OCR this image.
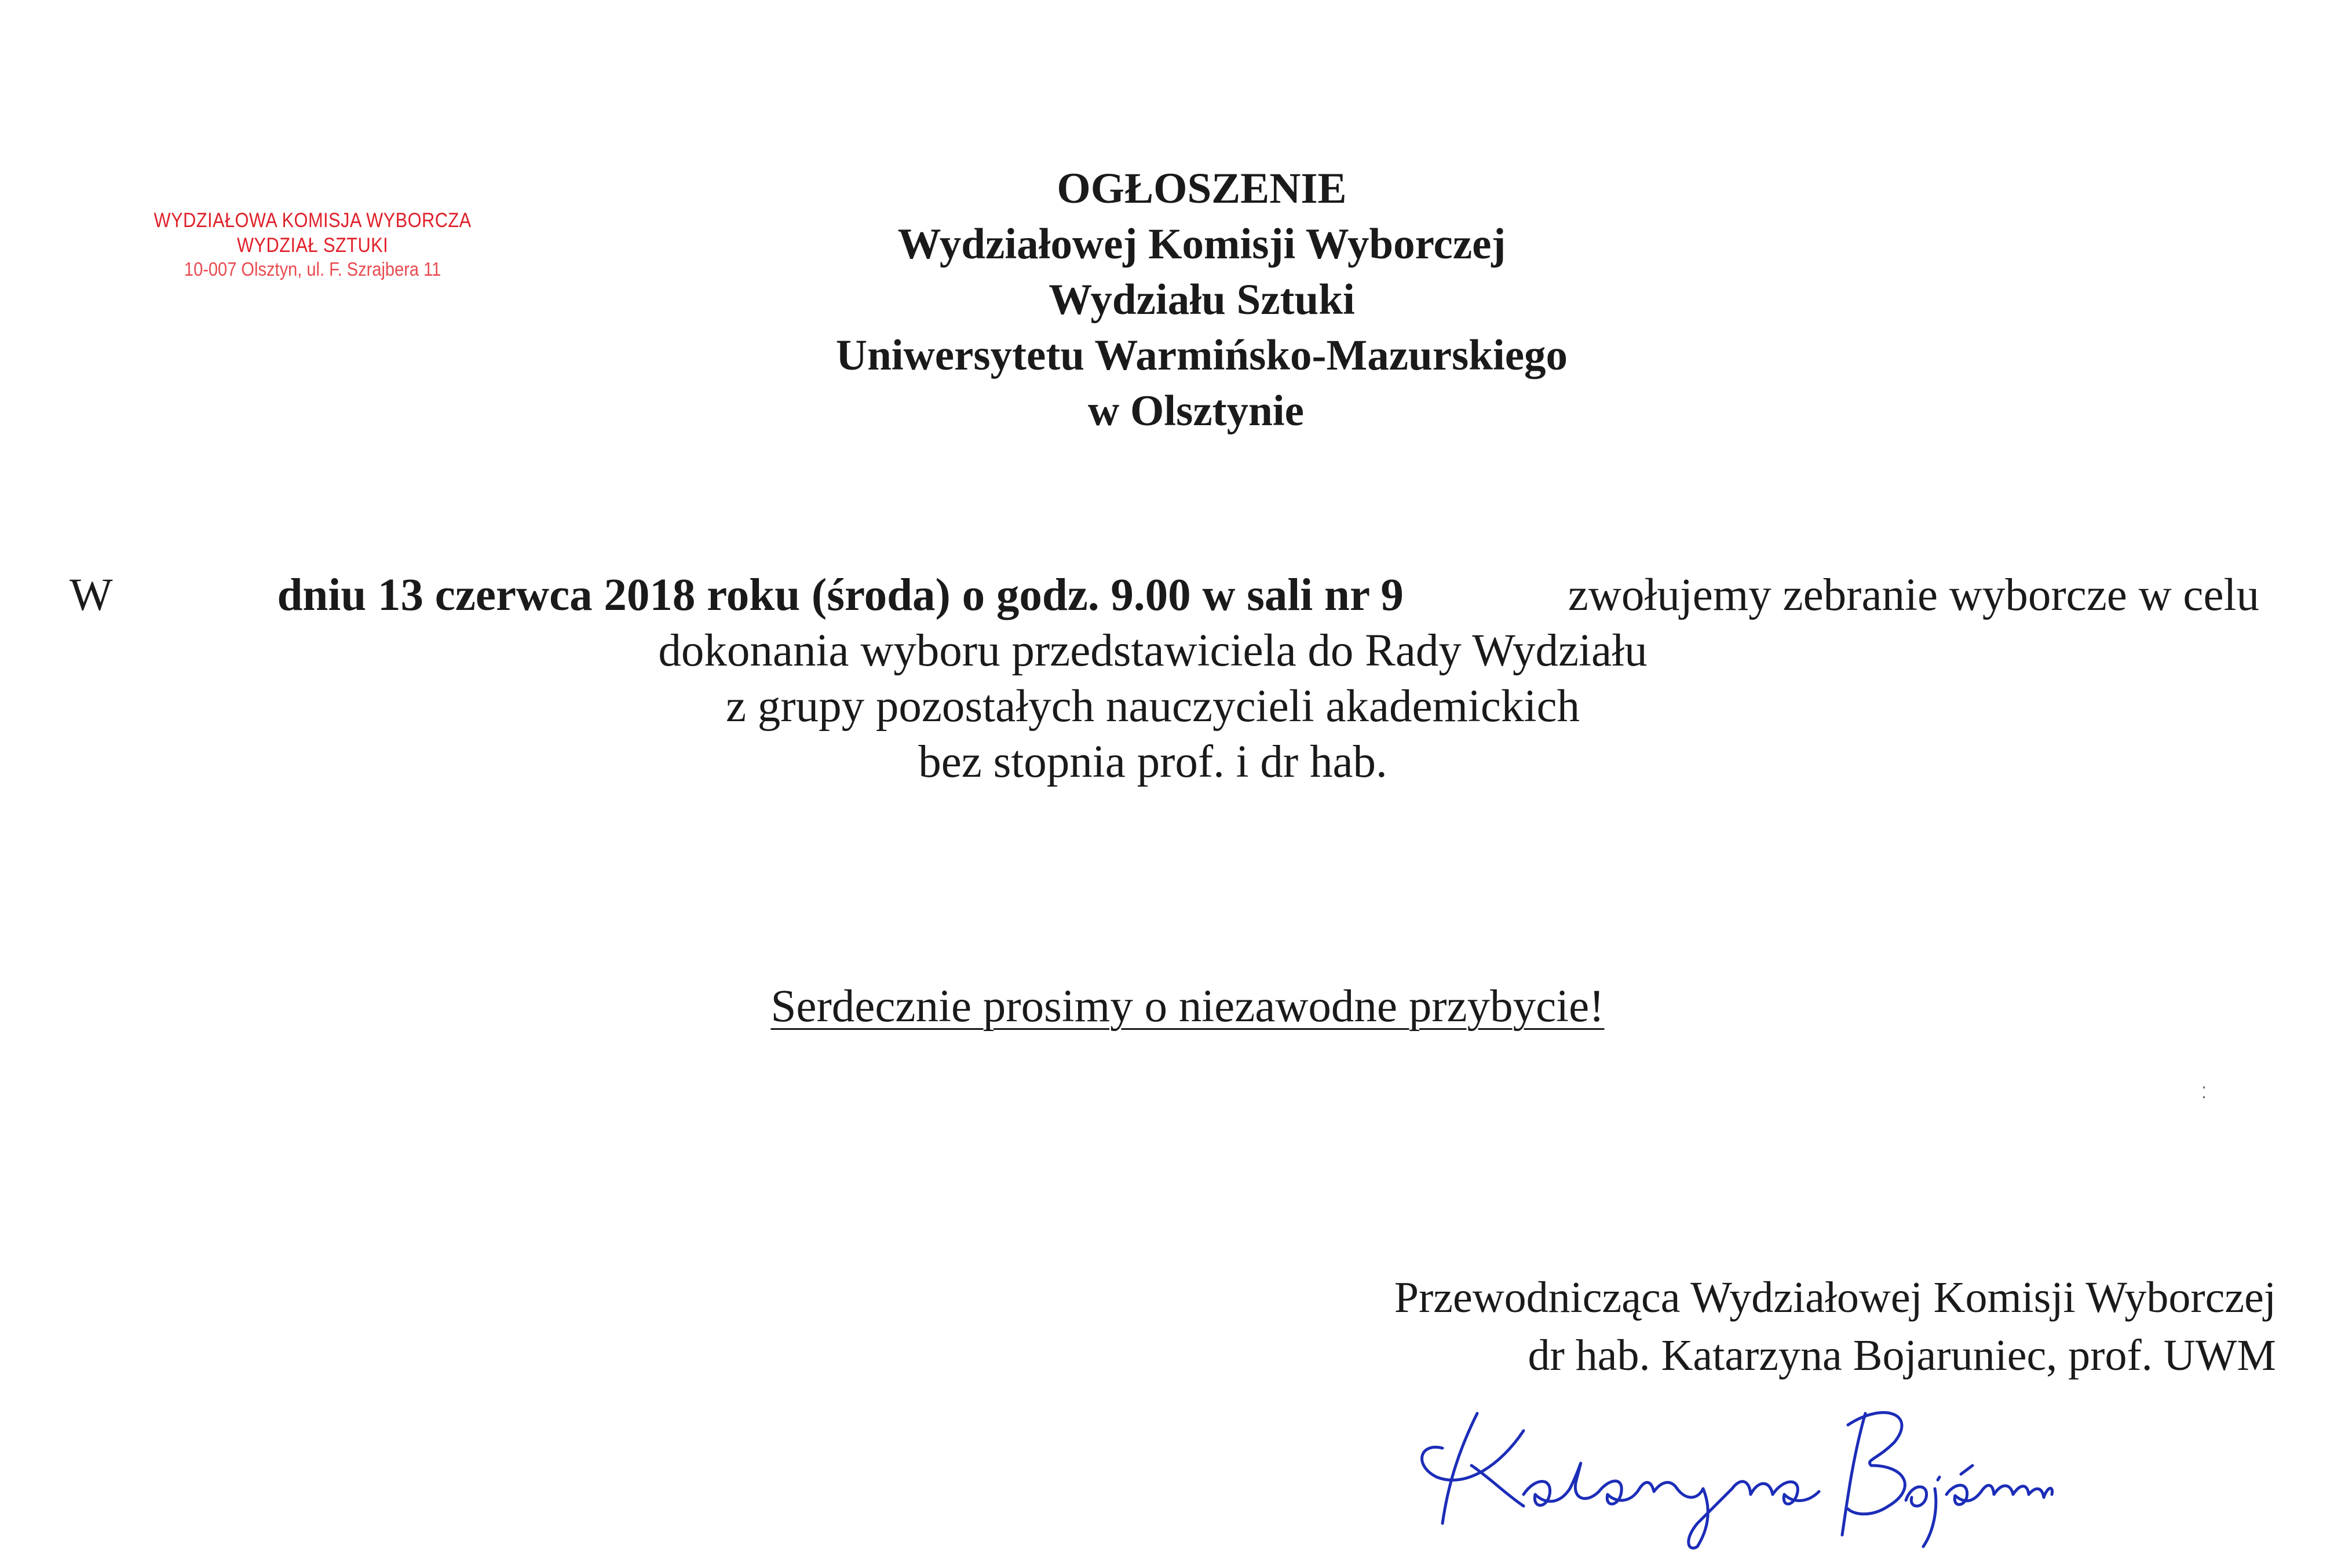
WYDZIAŁOWA KOMISJA WYBORCZA
WYDZIAŁ SZTUKI
10-007 Olsztyn, ul. F. Szrajbera 11
OGŁOSZENIE
Wydziałowej Komisji Wyborczej
Wydziału Sztuki
Uniwersytetu Warmińsko-Mazurskiego
w Olsztynie
W	dniu 13 czerwca 2018 roku (środa) o godz. 9.00 w sali nr 9	zwołujemy zebranie wyborcze w celu
dokonania wyboru przedstawiciela do Rady Wydziału
z grupy pozostałych nauczycieli akademickich
bez stopnia prof. i dr hab.
Serdecznie prosimy o niezawodne przybycie!
Przewodnicząca Wydziałowej Komisji Wyborczej
dr hab. Katarzyna Bojaruniec, prof. UWM
⁚
